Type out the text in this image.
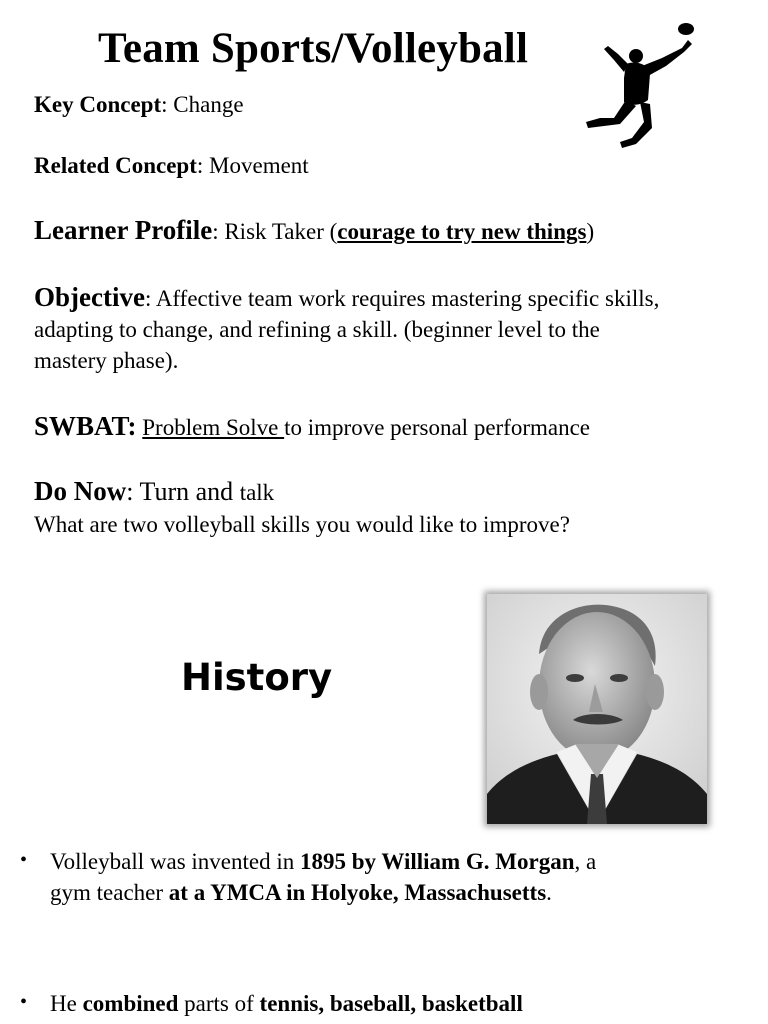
Team Sports/Volleyball

Key Concept: Change

Related Concept: Movement

Learner Profile: Risk Taker (courage to try new things)

Objective: Affective team work requires mastering specific skills,
adapting to change, and refining a skill. (beginner level to the
mastery phase).

SWBAT: Problem Solve to improve personal performance

Do Now: Turn and talk

What are two volleyball skills you would like to improve?

History
• Volleyball was invented in 1895 by William G. Morgan, a
gym teacher at a YMCA in Holyoke, Massachusetts.
• He combined parts of tennis, baseball, basketball
